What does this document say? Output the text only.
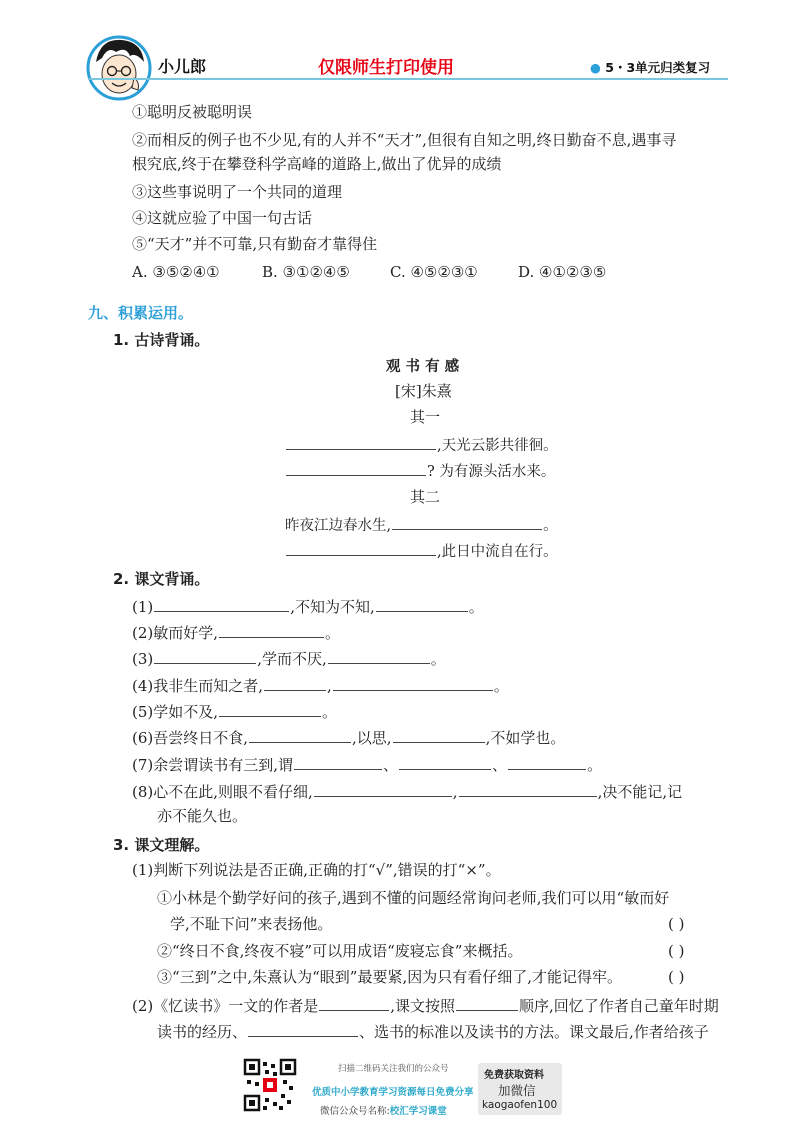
小儿郎	仅限师生打印使用	● 5・3单元归类复习
①聪明反被聪明误
②而相反的例子也不少见,有的人并不“天才”,但很有自知之明,终日勤奋不息,遇事寻
根究底,终于在攀登科学高峰的道路上,做出了优异的成绩
③这些事说明了一个共同的道理
④这就应验了中国一句古话
⑤“天才”并不可靠,只有勤奋才靠得住
A. ③⑤②④①	B. ③①②④⑤	C. ④⑤②③①	D. ④①②③⑤
九、积累运用。
1. 古诗背诵。
观 书 有 感
[宋]朱熹
其一
,天光云影共徘徊。
? 为有源头活水来。
其二
昨夜江边春水生,	。
,此日中流自在行。
2. 课文背诵。
(1)	,不知为不知,	。
(2)敏而好学,	。
(3)	,学而不厌,	。
(4)我非生而知之者,	,	。
(5)学如不及,	。
(6)吾尝终日不食,	,以思,	,不如学也。
(7)余尝谓读书有三到,谓	、	、	。
(8)心不在此,则眼不看仔细,	,	,决不能记,记
亦不能久也。
3. 课文理解。
(1)判断下列说法是否正确,正确的打“√”,错误的打“×”。
①小林是个勤学好问的孩子,遇到不懂的问题经常询问老师,我们可以用“敏而好
学,不耻下问”来表扬他。	( )
②“终日不食,终夜不寝”可以用成语“废寝忘食”来概括。	( )
③“三到”之中,朱熹认为“眼到”最要紧,因为只有看仔细了,才能记得牢。	( )
(2)《忆读书》一文的作者是	,课文按照	顺序,回忆了作者自己童年时期
读书的经历、	、选书的标准以及读书的方法。课文最后,作者给孩子
扫描二维码关注我们的公众号
优质中小学教育学习资源每日免费分享
微信公众号名称:校汇学习课堂
免费获取资料
加微信
kaogaofen100
